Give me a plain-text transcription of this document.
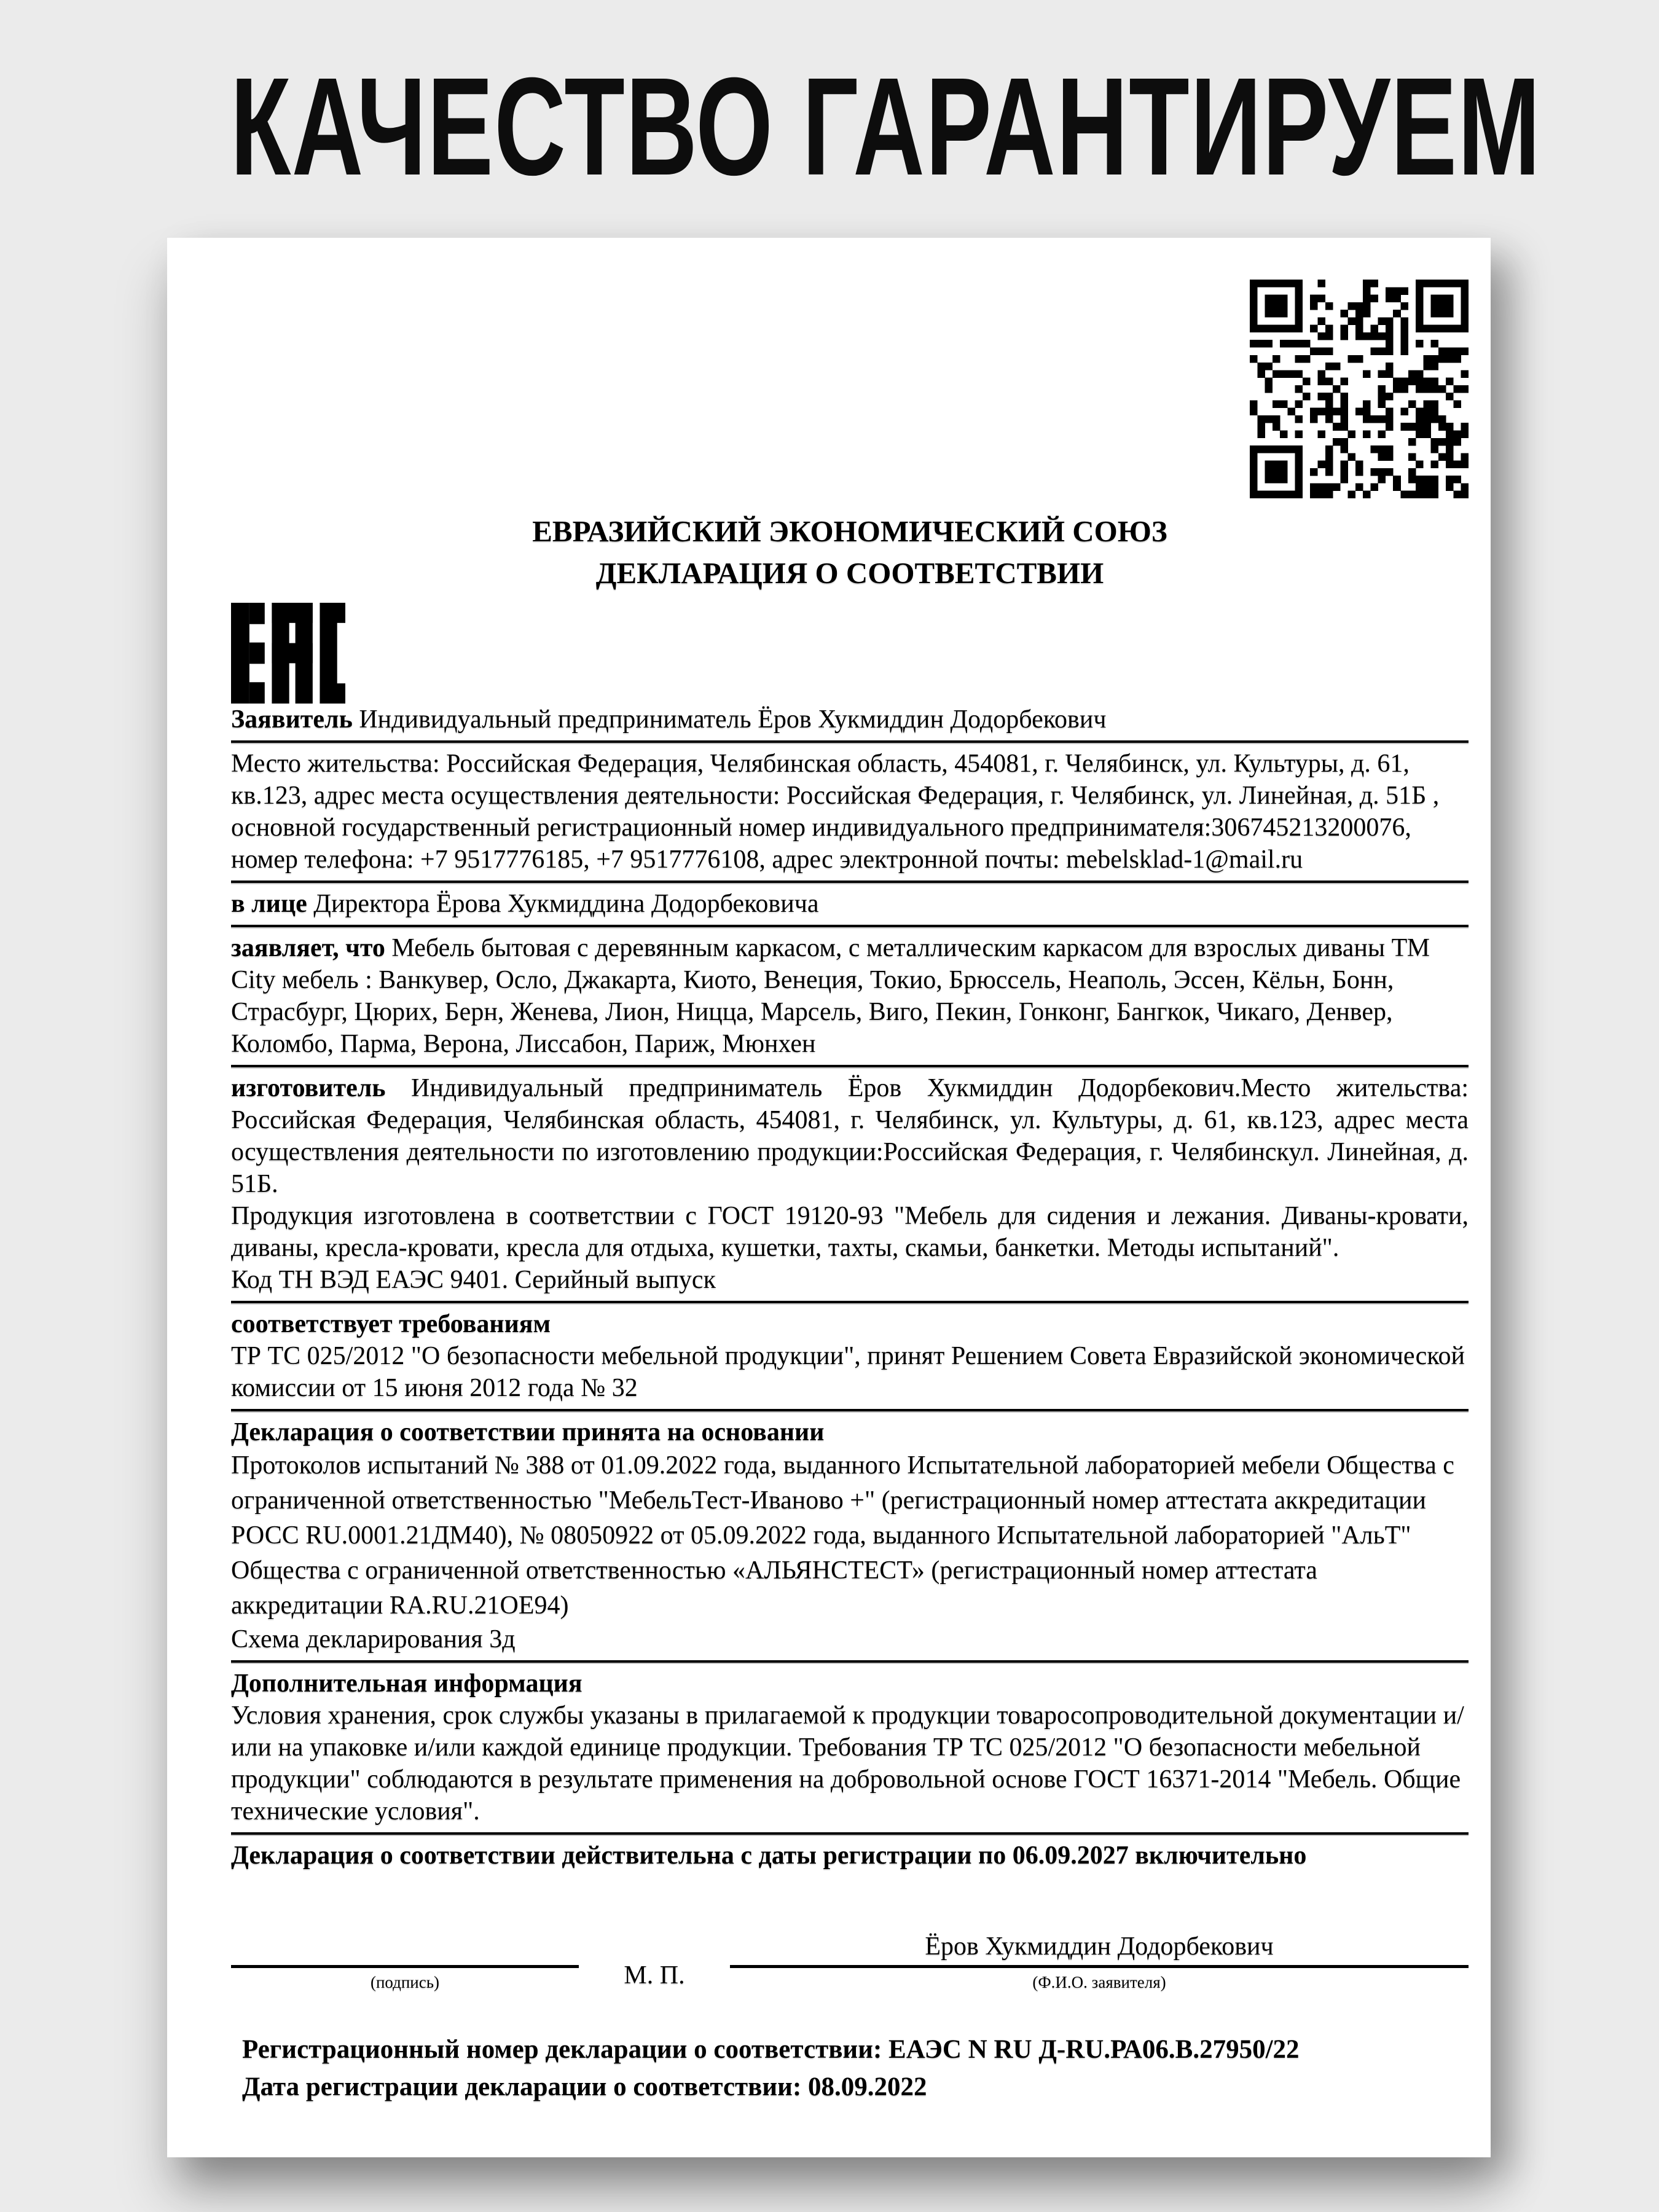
КАЧЕСТВО ГАРАНТИРУЕМ
ЕВРАЗИЙСКИЙ ЭКОНОМИЧЕСКИЙ СОЮЗ
ДЕКЛАРАЦИЯ О СООТВЕТСТВИИ

Заявитель Индивидуальный предприниматель Ёров Хукмиддин Додорбекович

Место жительства: Российская Федерация, Челябинская область, 454081, г. Челябинск, ул. Культуры, д. 61, кв.123, адрес места осуществления деятельности: Российская Федерация, г. Челябинск, ул. Линейная, д. 51Б , основной государственный регистрационный номер индивидуального предпринимателя:306745213200076, номер телефона: +7 9517776185, +7 9517776108, адрес электронной почты: mebelsklad-1@mail.ru

в лице Директора Ёрова Хукмиддина Додорбековича

заявляет, что Мебель бытовая с деревянным каркасом, с металлическим каркасом для взрослых диваны ТМ City мебель : Ванкувер, Осло, Джакарта, Киото, Венеция, Токио, Брюссель, Неаполь, Эссен, Кёльн, Бонн, Страсбург, Цюрих, Берн, Женева, Лион, Ницца, Марсель, Виго, Пекин, Гонконг, Бангкок, Чикаго, Денвер, Коломбо, Парма, Верона, Лиссабон, Париж, Мюнхен

изготовитель Индивидуальный предприниматель Ёров Хукмиддин Додорбекович.Место жительства: Российская Федерация, Челябинская область, 454081, г. Челябинск, ул. Культуры, д. 61, кв.123, адрес места осуществления деятельности по изготовлению продукции:Российская Федерация, г. Челябинскул. Линейная, д. 51Б.

Продукция изготовлена в соответствии с ГОСТ 19120-93 "Мебель для сидения и лежания. Диваны-кровати, диваны, кресла-кровати, кресла для отдыха, кушетки, тахты, скамьи, банкетки. Методы испытаний".

Код ТН ВЭД ЕАЭС 9401. Серийный выпуск

соответствует требованиям

ТР ТС 025/2012 "О безопасности мебельной продукции", принят Решением Совета Евразийской экономической комиссии от 15 июня 2012 года № 32

Декларация о соответствии принята на основании

Протоколов испытаний № 388 от 01.09.2022 года, выданного Испытательной лабораторией мебели Общества с ограниченной ответственностью "МебельТест-Иваново +" (регистрационный номер аттестата аккредитации РОСС RU.0001.21ДМ40), № 08050922 от 05.09.2022 года, выданного Испытательной лабораторией "АльТ" Общества с ограниченной ответственностью «АЛЬЯНСТЕСТ» (регистрационный номер аттестата аккредитации RA.RU.21ОЕ94)

Схема декларирования 3д

Дополнительная информация

Условия хранения, срок службы указаны в прилагаемой к продукции товаросопроводительной документации и/или на упаковке и/или каждой единице продукции. Требования ТР ТС 025/2012 "О безопасности мебельной продукции" соблюдаются в результате применения на добровольной основе ГОСТ 16371-2014 "Мебель. Общие технические условия".

Декларация о соответствии действительна с даты регистрации по 06.09.2027 включительно

(подпись)	М. П.
Ёров Хукмиддин Додорбекович
(Ф.И.О. заявителя)
Регистрационный номер декларации о соответствии: ЕАЭС N RU Д-RU.РА06.В.27950/22
Дата регистрации декларации о соответствии: 08.09.2022
